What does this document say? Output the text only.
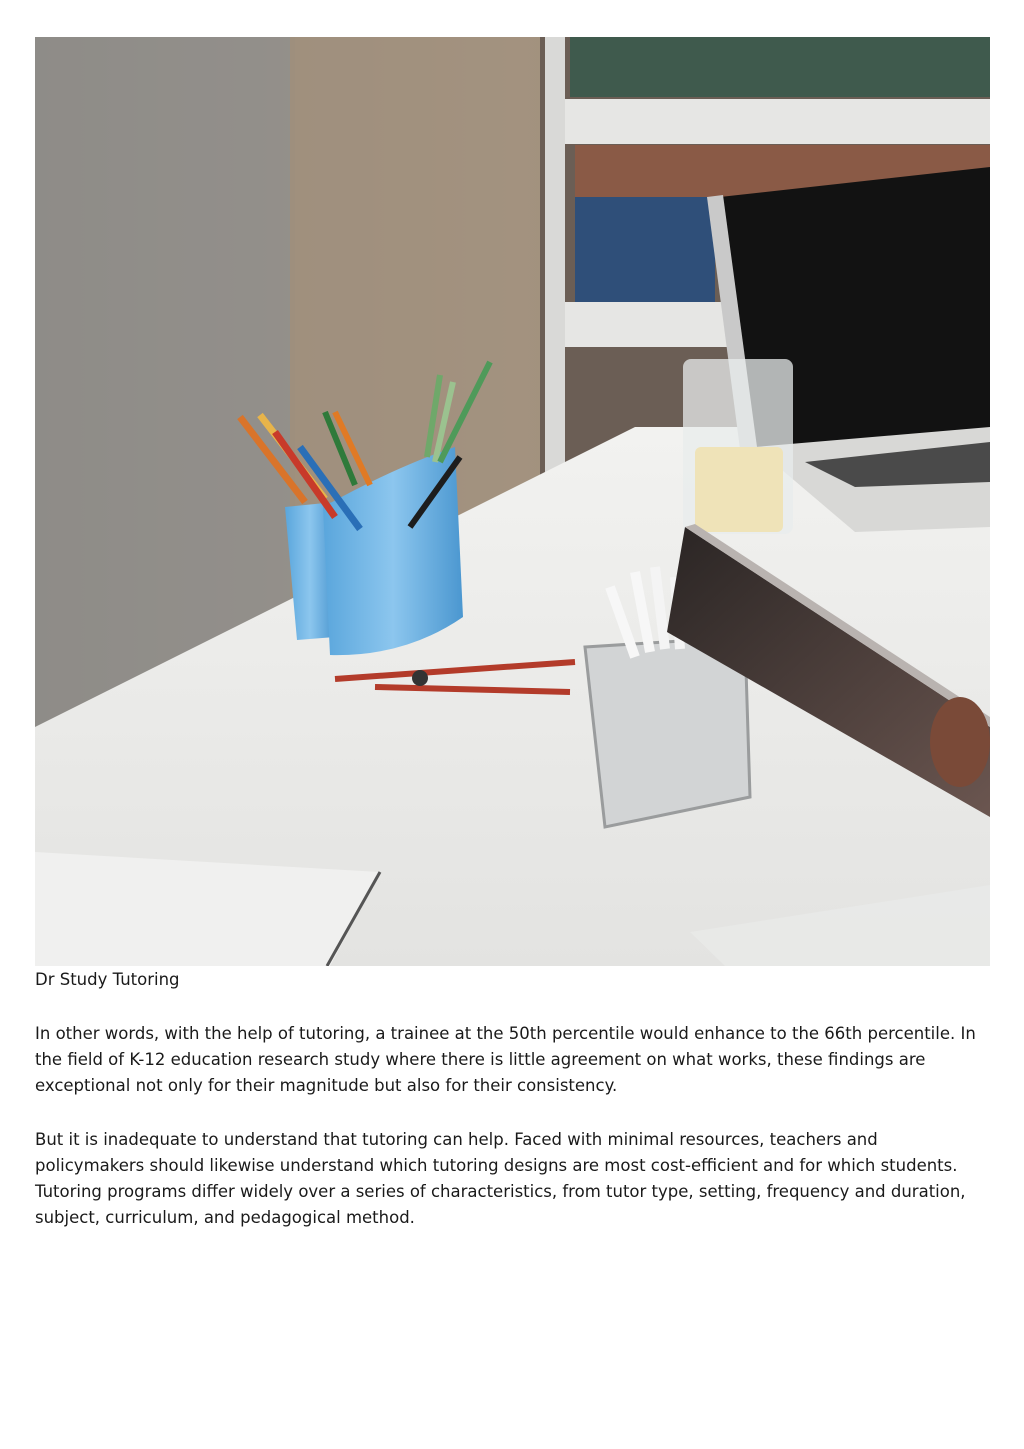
Dr Study Tutoring

In other words, with the help of tutoring, a trainee at the 50th percentile would enhance to the 66th percentile. In the field of K-12 education research study where there is little agreement on what works, these findings are exceptional not only for their magnitude but also for their consistency.

But it is inadequate to understand that tutoring can help. Faced with minimal resources, teachers and policymakers should likewise understand which tutoring designs are most cost-efficient and for which students. Tutoring programs differ widely over a series of characteristics, from tutor type, setting, frequency and duration, subject, curriculum, and pedagogical method.
